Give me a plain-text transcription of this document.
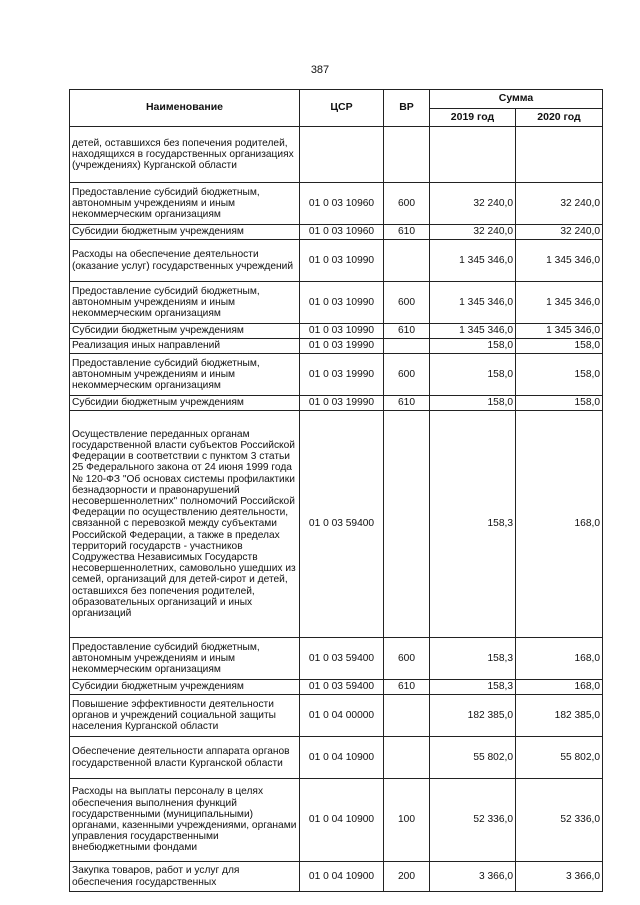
387
Наименование	ЦСР	ВР	Сумма	
			2019 год	2020 год
детей, оставшихся без попечения родителей, находящихся в государственных организациях (учреждениях) Курганской области				
Предоставление субсидий бюджетным, автономным учреждениям и иным некоммерческим организациям	01 0 03 10960	600	32 240,0	32 240,0
Субсидии бюджетным учреждениям	01 0 03 10960	610	32 240,0	32 240,0
Расходы на обеспечение деятельности (оказание услуг) государственных учреждений	01 0 03 10990		1 345 346,0	1 345 346,0
Предоставление субсидий бюджетным, автономным учреждениям и иным некоммерческим организациям	01 0 03 10990	600	1 345 346,0	1 345 346,0
Субсидии бюджетным учреждениям	01 0 03 10990	610	1 345 346,0	1 345 346,0
Реализация иных направлений	01 0 03 19990		158,0	158,0
Предоставление субсидий бюджетным, автономным учреждениям и иным некоммерческим организациям	01 0 03 19990	600	158,0	158,0
Субсидии бюджетным учреждениям	01 0 03 19990	610	158,0	158,0
Осуществление переданных органам государственной власти субъектов Российской Федерации в соответствии с пунктом 3 статьи 25 Федерального закона от 24 июня 1999 года № 120-ФЗ "Об основах системы профилактики безнадзорности и правонарушений несовершеннолетних" полномочий Российской Федерации по осуществлению деятельности, связанной с перевозкой между субъектами Российской Федерации, а также в пределах территорий государств - участников Содружества Независимых Государств несовершеннолетних, самовольно ушедших из семей, организаций для детей-сирот и детей, оставшихся без попечения родителей, образовательных организаций и иных организаций	01 0 03 59400		158,3	168,0
Предоставление субсидий бюджетным, автономным учреждениям и иным некоммерческим организациям	01 0 03 59400	600	158,3	168,0
Субсидии бюджетным учреждениям	01 0 03 59400	610	158,3	168,0
Повышение эффективности деятельности органов и учреждений социальной защиты населения Курганской области	01 0 04 00000		182 385,0	182 385,0
Обеспечение деятельности аппарата органов государственной власти Курганской области	01 0 04 10900		55 802,0	55 802,0
Расходы на выплаты персоналу в целях обеспечения выполнения функций государственными (муниципальными) органами, казенными учреждениями, органами управления государственными внебюджетными фондами	01 0 04 10900	100	52 336,0	52 336,0
Закупка товаров, работ и услуг для обеспечения государственных	01 0 04 10900	200	3 366,0	3 366,0
